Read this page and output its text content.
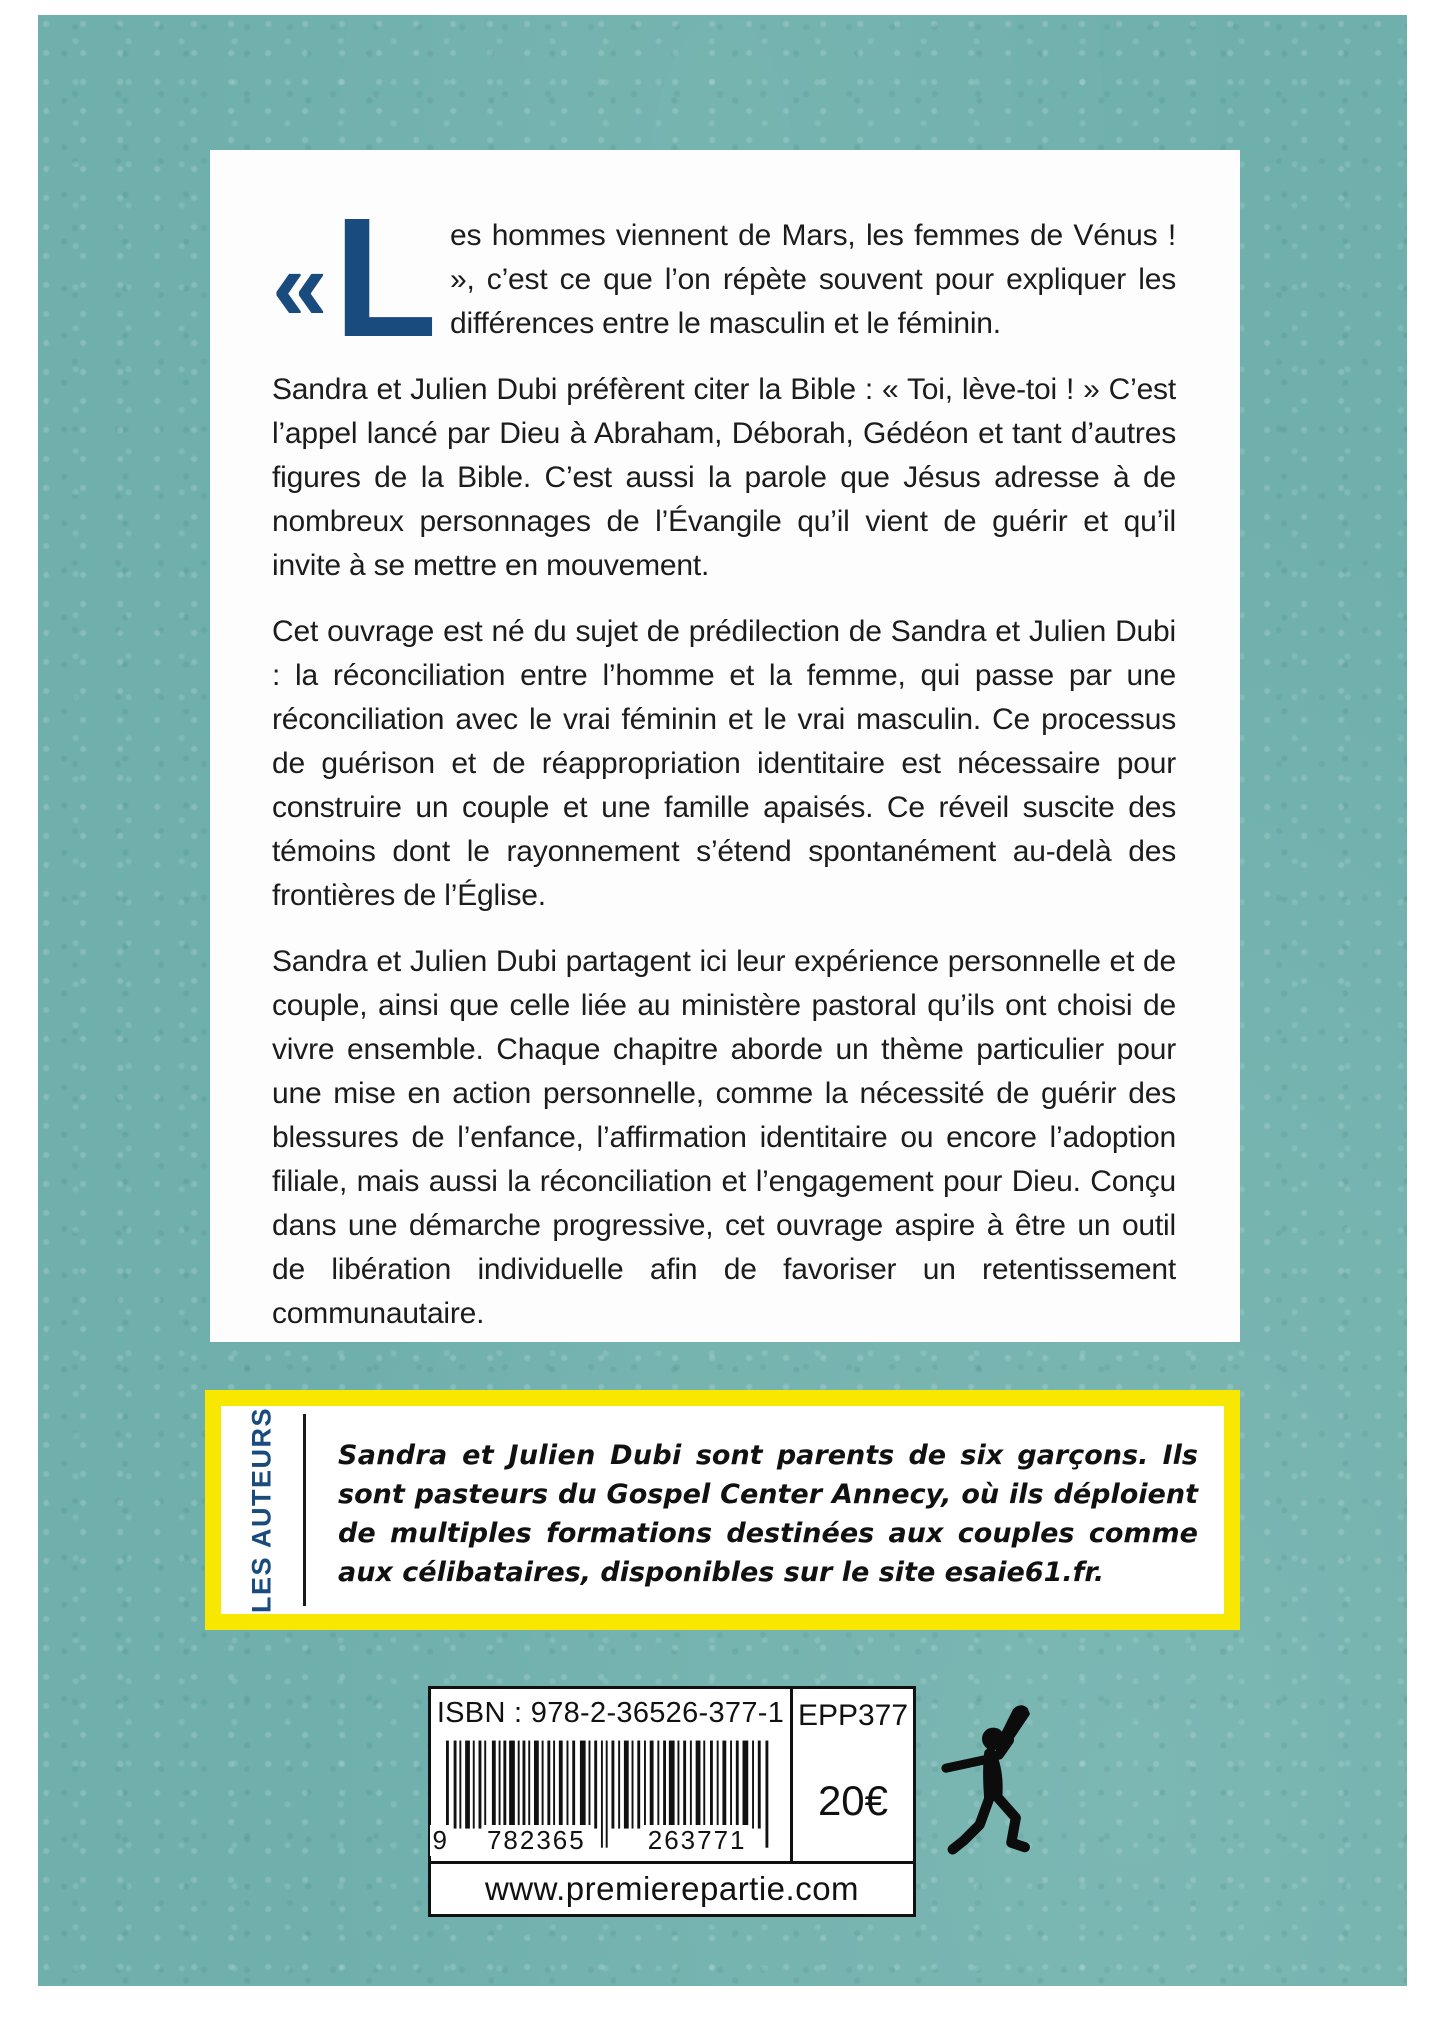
« L es hommes viennent de Mars, les femmes de Vénus ! », c’est ce que l’on répète souvent pour expliquer les différences entre le masculin et le féminin.

Sandra et Julien Dubi préfèrent citer la Bible : « Toi, lève-toi ! » C’est l’appel lancé par Dieu à Abraham, Déborah, Gédéon et tant d’autres figures de la Bible. C’est aussi la parole que Jésus adresse à de nombreux personnages de l’Évangile qu’il vient de guérir et qu’il invite à se mettre en mouvement.

Cet ouvrage est né du sujet de prédilection de Sandra et Julien Dubi : la réconciliation entre l’homme et la femme, qui passe par une réconciliation avec le vrai féminin et le vrai masculin. Ce processus de guérison et de réappropriation identitaire est nécessaire pour construire un couple et une famille apaisés. Ce réveil suscite des témoins dont le rayonnement s’étend spontanément au-delà des frontières de l’Église.

Sandra et Julien Dubi partagent ici leur expérience personnelle et de couple, ainsi que celle liée au ministère pastoral qu’ils ont choisi de vivre ensemble. Chaque chapitre aborde un thème particulier pour une mise en action personnelle, comme la nécessité de guérir des blessures de l’enfance, l’affirmation identitaire ou encore l’adoption filiale, mais aussi la réconciliation et l’engagement pour Dieu. Conçu dans une démarche progressive, cet ouvrage aspire à être un outil de libération individuelle afin de favoriser un retentissement communautaire.

LES AUTEURS	Sandra et Julien Dubi sont parents de six garçons. Ils sont pasteurs du Gospel Center Annecy, où ils déploient de multiples formations destinées aux couples comme aux célibataires, disponibles sur le site esaie61.fr.
ISBN : 978-2-36526-377-1
9 782365 263771
EPP377
20€
www.premierepartie.com
